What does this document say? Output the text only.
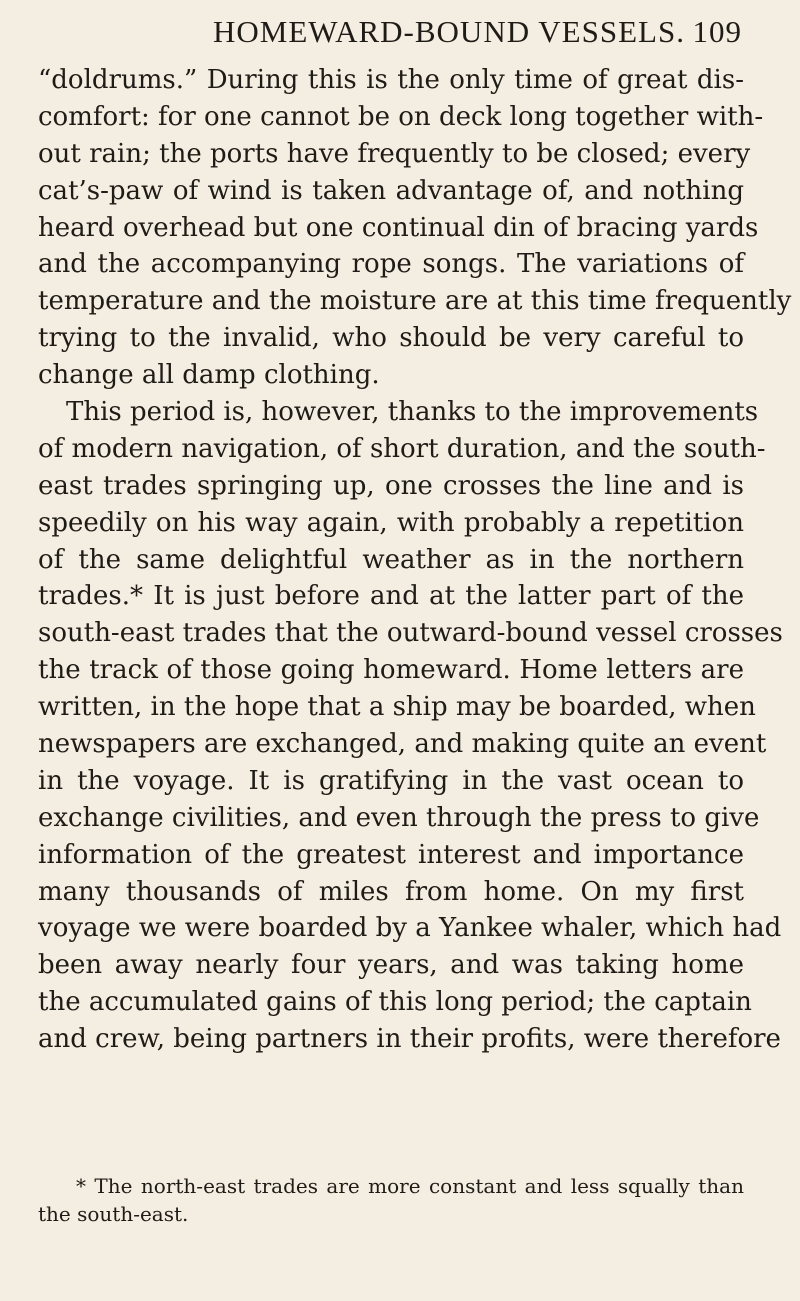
HOMEWARD-BOUND VESSELS. 109
“doldrums.” During this is the only time of great dis-
comfort: for one cannot be on deck long together with-
out rain; the ports have frequently to be closed; every
cat’s-paw of wind is taken advantage of, and nothing
heard overhead but one continual din of bracing yards
and the accompanying rope songs. The variations of
temperature and the moisture are at this time frequently
trying to the invalid, who should be very careful to
change all damp clothing.
This period is, however, thanks to the improvements
of modern navigation, of short duration, and the south-
east trades springing up, one crosses the line and is
speedily on his way again, with probably a repetition
of the same delightful weather as in the northern
trades.* It is just before and at the latter part of the
south-east trades that the outward-bound vessel crosses
the track of those going homeward. Home letters are
written, in the hope that a ship may be boarded, when
newspapers are exchanged, and making quite an event
in the voyage. It is gratifying in the vast ocean to
exchange civilities, and even through the press to give
information of the greatest interest and importance
many thousands of miles from home. On my first
voyage we were boarded by a Yankee whaler, which had
been away nearly four years, and was taking home
the accumulated gains of this long period; the captain
and crew, being partners in their profits, were therefore
* The north-east trades are more constant and less squally than
the south-east.
